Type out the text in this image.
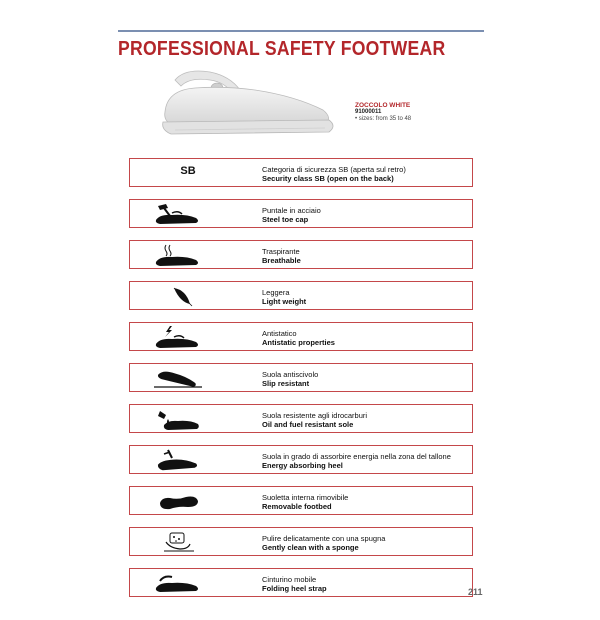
PROFESSIONAL SAFETY FOOTWEAR
ZOCCOLO WHITE
91000011
• sizes: from 35 to 48
SB	Categoria di sicurezza SB (aperta sul retro)
Security class SB (open on the back)
Puntale in acciaio
Steel toe cap
Traspirante
Breathable
Leggera
Light weight
Antistatico
Antistatic properties
Suola antiscivolo
Slip resistant
Suola resistente agli idrocarburi
Oil and fuel resistant sole
Suola in grado di assorbire energia nella zona del tallone
Energy absorbing heel
Suoletta interna rimovibile
Removable footbed
Pulire delicatamente con una spugna
Gently clean with a sponge
Cinturino mobile
Folding heel strap	211
